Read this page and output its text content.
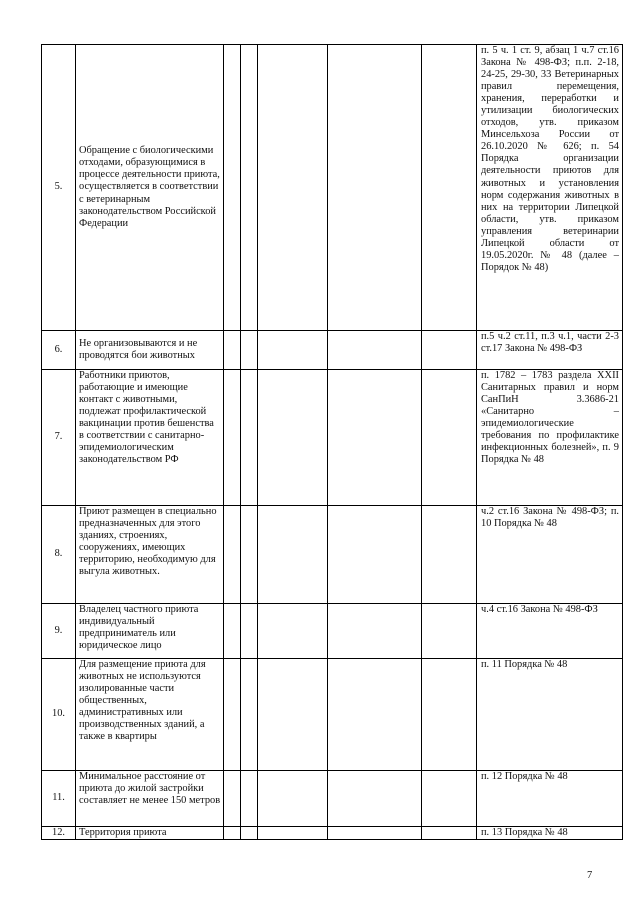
5.	Обращение с биологическими отходами, образующимися в процессе деятельности приюта, осуществляется в соответствии с ветеринарным законодательством Российской Федерации						п. 5 ч. 1 ст. 9, абзац 1 ч.7 ст.16 Закона № 498-ФЗ; п.п. 2-18, 24-25, 29-30, 33 Ветеринарных правил перемещения, хранения, переработки и утилизации биологических отходов, утв. приказом Минсельхоза России от 26.10.2020 № 626; п. 54 Порядка организации деятельности приютов для животных и установления норм содержания животных в них на территории Липецкой области, утв. приказом управления ветеринарии Липецкой области от 19.05.2020г. № 48 (далее – Порядок № 48)
6.	Не организовываются и не проводятся бои животных						п.5 ч.2 ст.11, п.3 ч.1, части 2-3 ст.17 Закона № 498-ФЗ
7.	Работники приютов, работающие и имеющие контакт с животными, подлежат профилактической вакцинации против бешенства в соответствии с санитарно-эпидемиологическим законодательством РФ						п. 1782 – 1783 раздела XXII Санитарных правил и норм СанПиН 3.3686-21 «Санитарно – эпидемиологические требования по профилактике инфекционных болезней», п. 9 Порядка № 48
8.	Приют размещен в специально предназначенных для этого зданиях, строениях, сооружениях, имеющих территорию, необходимую для выгула животных.						ч.2 ст.16 Закона № 498-ФЗ; п. 10 Порядка № 48
9.	Владелец частного приюта индивидуальный предприниматель или юридическое лицо						ч.4 ст.16 Закона № 498-ФЗ
10.	Для размещение приюта для животных не используются изолированные части общественных, административных или производственных зданий, а также в квартиры						п. 11 Порядка № 48
11.	Минимальное расстояние от приюта до жилой застройки составляет не менее 150 метров						п. 12 Порядка № 48
12.	Территория приюта						п. 13 Порядка № 48
7
